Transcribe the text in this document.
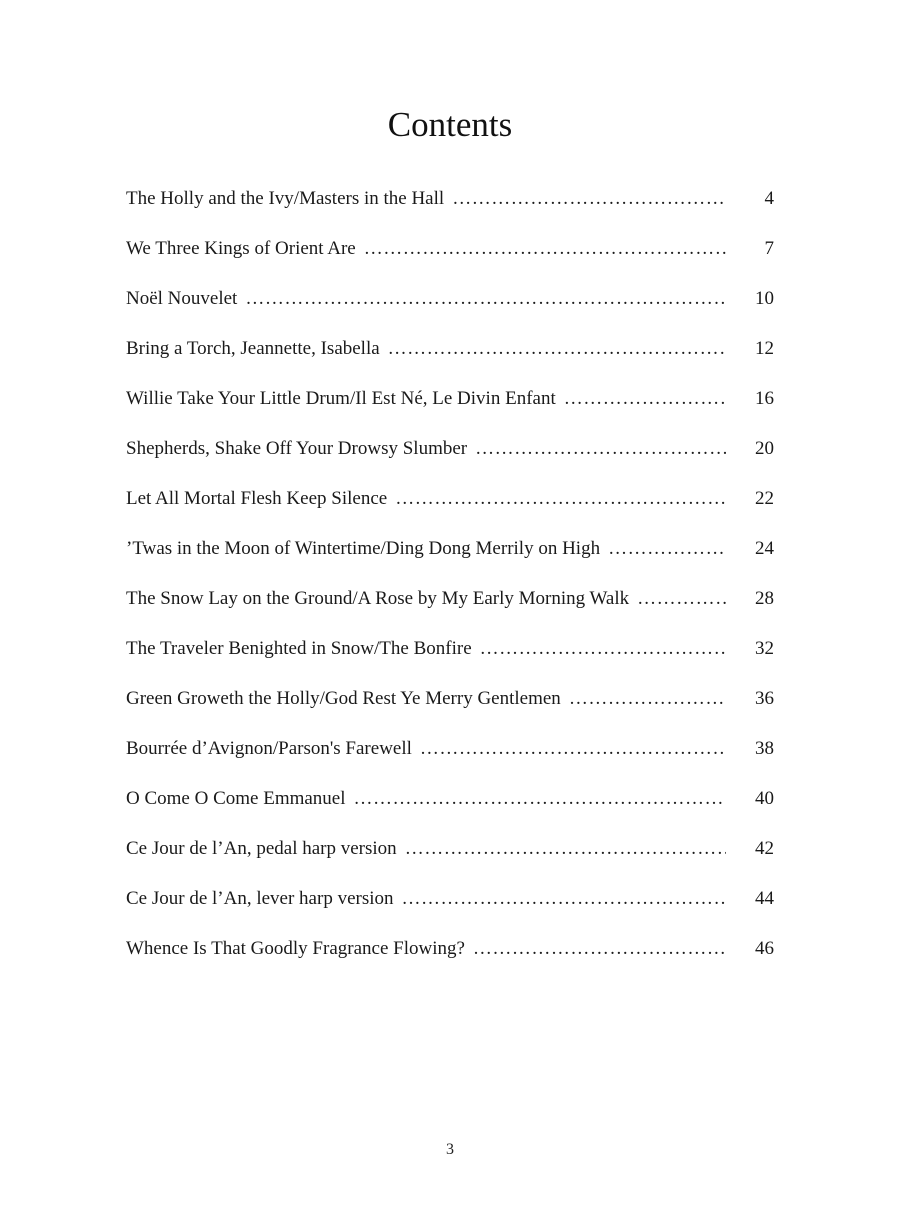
Contents
The Holly and the Ivy/Masters in the Hall ……………………………………………………………………………………………………………………………………	4
We Three Kings of Orient Are ……………………………………………………………………………………………………………………………………	7
Noël Nouvelet ……………………………………………………………………………………………………………………………………	10
Bring a Torch, Jeannette, Isabella ……………………………………………………………………………………………………………………………………	12
Willie Take Your Little Drum/Il Est Né, Le Divin Enfant ……………………………………………………………………………………………………………………………………	16
Shepherds, Shake Off Your Drowsy Slumber ……………………………………………………………………………………………………………………………………	20
Let All Mortal Flesh Keep Silence ……………………………………………………………………………………………………………………………………	22
’Twas in the Moon of Wintertime/Ding Dong Merrily on High ……………………………………………………………………………………………………………………………………	24
The Snow Lay on the Ground/A Rose by My Early Morning Walk ……………………………………………………………………………………………………………………………………	28
The Traveler Benighted in Snow/The Bonfire ……………………………………………………………………………………………………………………………………	32
Green Groweth the Holly/God Rest Ye Merry Gentlemen ……………………………………………………………………………………………………………………………………	36
Bourrée d’Avignon/Parson's Farewell ……………………………………………………………………………………………………………………………………	38
O Come O Come Emmanuel ……………………………………………………………………………………………………………………………………	40
Ce Jour de l’An, pedal harp version ……………………………………………………………………………………………………………………………………	42
Ce Jour de l’An, lever harp version ……………………………………………………………………………………………………………………………………	44
Whence Is That Goodly Fragrance Flowing? ……………………………………………………………………………………………………………………………………	46
3
